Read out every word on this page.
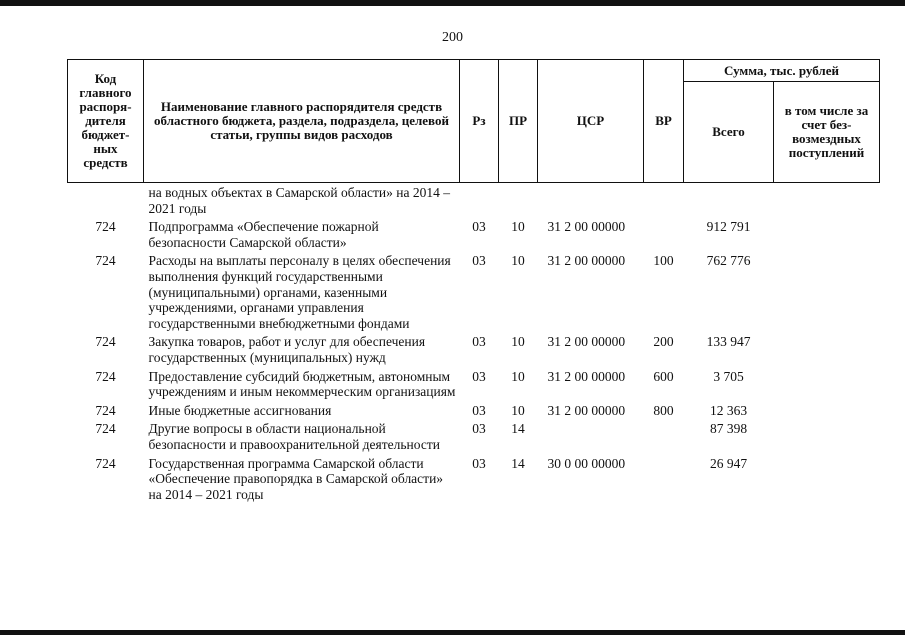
200
Код главного распоря-дителя бюджет-ных средств	Наименование главного распорядителя средств областного бюджета, раздела, подраздела, целевой статьи, группы видов расходов	Рз	ПР	ЦСР	ВР	Сумма, тыс. рублей	
						Всего	в том числе за счет без-возмездных поступлений
	на водных объектах в Самарской области» на 2014 – 2021 годы						
724	Подпрограмма «Обеспечение пожарной безопасности Самарской области»	03	10	31 2 00 00000		912 791	
724	Расходы на выплаты персоналу в целях обеспечения выполнения функций государственными (муниципальными) органами, казенными учреждениями, органами управления государственными внебюджетными фондами	03	10	31 2 00 00000	100	762 776	
724	Закупка товаров, работ и услуг для обеспечения государственных (муниципальных) нужд	03	10	31 2 00 00000	200	133 947	
724	Предоставление субсидий бюджетным, автономным учреждениям и иным некоммерческим организациям	03	10	31 2 00 00000	600	3 705	
724	Иные бюджетные ассигнования	03	10	31 2 00 00000	800	12 363	
724	Другие вопросы в области национальной безопасности и правоохранительной деятельности	03	14			87 398	
724	Государственная программа Самарской области «Обеспечение правопорядка в Самарской области» на 2014 – 2021 годы	03	14	30 0 00 00000		26 947	
